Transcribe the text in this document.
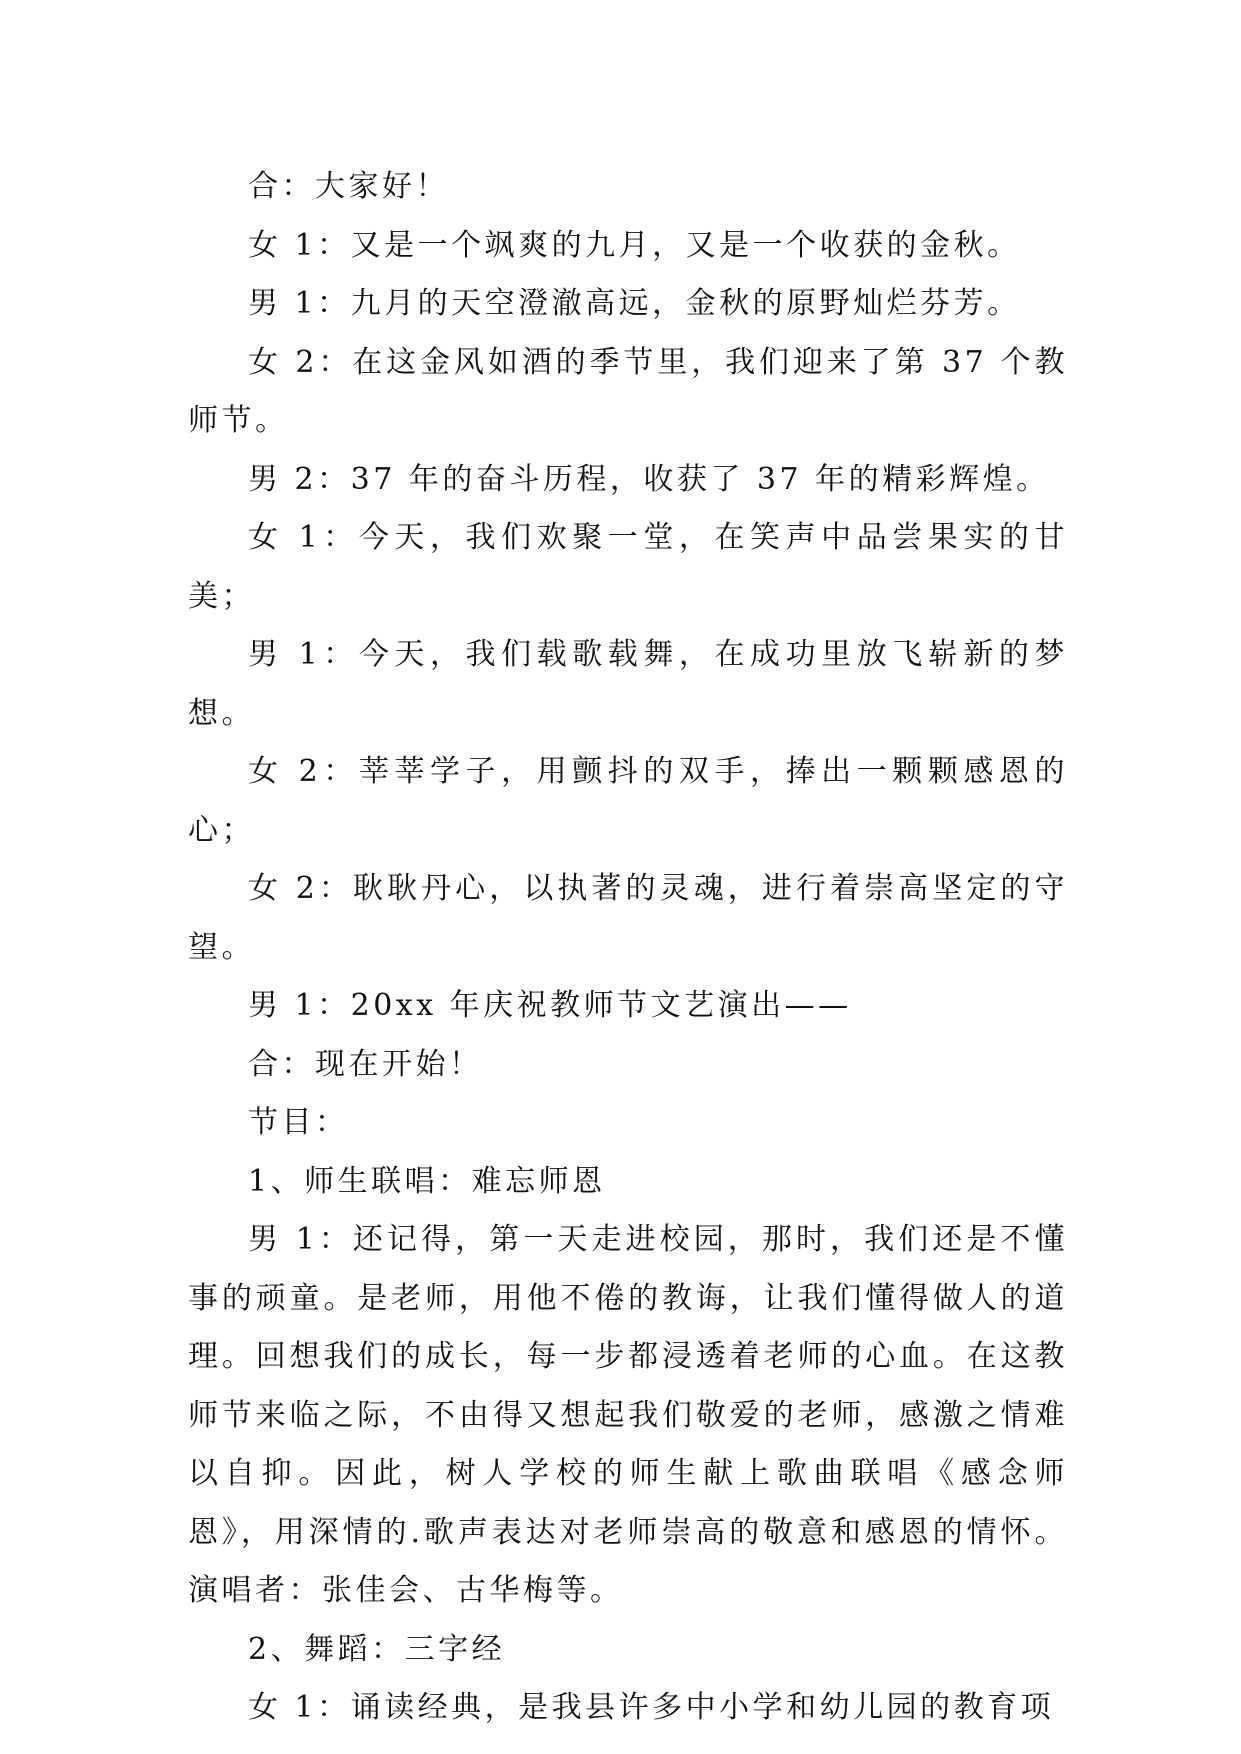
合：大家好！

女 1：又是一个飒爽的九月，又是一个收获的金秋。

男 1：九月的天空澄澈高远，金秋的原野灿烂芬芳。

女 2：在这金风如酒的季节里，我们迎来了第 37 个教师节。

男 2：37 年的奋斗历程，收获了 37 年的精彩辉煌。

女 1：今天，我们欢聚一堂，在笑声中品尝果实的甘美；

男 1：今天，我们载歌载舞，在成功里放飞崭新的梦想。

女 2：莘莘学子，用颤抖的双手，捧出一颗颗感恩的心；

女 2：耿耿丹心，以执著的灵魂，进行着崇高坚定的守望。

男 1：20xx 年庆祝教师节文艺演出——

合：现在开始！

节目：

1、师生联唱：难忘师恩

男 1：还记得，第一天走进校园，那时，我们还是不懂事的顽童。是老师，用他不倦的教诲，让我们懂得做人的道理。回想我们的成长，每一步都浸透着老师的心血。在这教师节来临之际，不由得又想起我们敬爱的老师，感激之情难以自抑。因此，树人学校的师生献上歌曲联唱《感念师恩》，用深情的.歌声表达对老师崇高的敬意和感恩的情怀。演唱者：张佳会、古华梅等。

2、舞蹈：三字经

女 1：诵读经典，是我县许多中小学和幼儿园的教育项
